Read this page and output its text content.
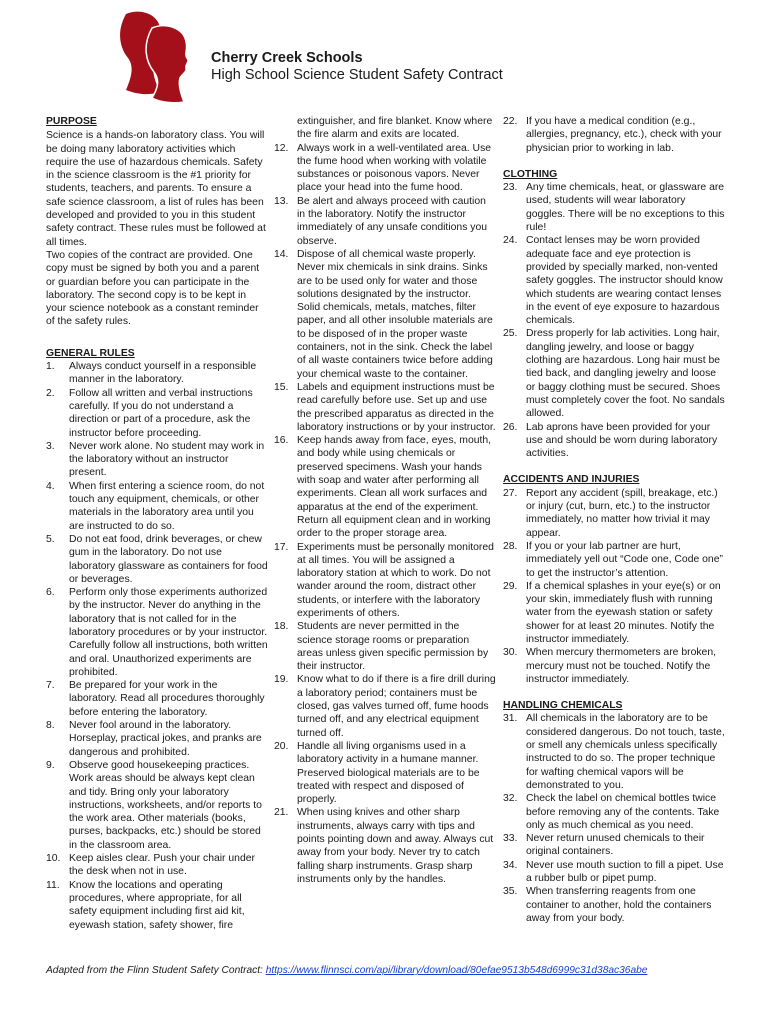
Cherry Creek Schools
High School Science Student Safety Contract
PURPOSE

Science is a hands-on laboratory class. You will be doing many laboratory activities which require the use of hazardous chemicals. Safety in the science classroom is the #1 priority for students, teachers, and parents. To ensure a safe science classroom, a list of rules has been developed and provided to you in this student safety contract. These rules must be followed at all times.

Two copies of the contract are provided. One copy must be signed by both you and a parent or guardian before you can participate in the laboratory. The second copy is to be kept in your science notebook as a constant reminder of the safety rules.

GENERAL RULES
1.	Always conduct yourself in a responsible manner in the laboratory.
2.	Follow all written and verbal instructions carefully. If you do not understand a direction or part of a procedure, ask the instructor before proceeding.
3.	Never work alone. No student may work in the laboratory without an instructor present.
4.	When first entering a science room, do not touch any equipment, chemicals, or other materials in the laboratory area until you are instructed to do so.
5.	Do not eat food, drink beverages, or chew gum in the laboratory. Do not use laboratory glassware as containers for food or beverages.
6.	Perform only those experiments authorized by the instructor. Never do anything in the laboratory that is not called for in the laboratory procedures or by your instructor. Carefully follow all instructions, both written and oral. Unauthorized experiments are prohibited.
7.	Be prepared for your work in the laboratory. Read all procedures thoroughly before entering the laboratory.
8.	Never fool around in the laboratory. Horseplay, practical jokes, and pranks are dangerous and prohibited.
9.	Observe good housekeeping practices. Work areas should be always kept clean and tidy. Bring only your laboratory instructions, worksheets, and/or reports to the work area. Other materials (books, purses, backpacks, etc.) should be stored in the classroom area.
10. Keep aisles clear. Push your chair under the desk when not in use.
11. Know the locations and operating procedures, where appropriate, for all safety equipment including first aid kit, eyewash station, safety shower, fire
extinguisher, and fire blanket. Know where the fire alarm and exits are located.
12. Always work in a well-ventilated area. Use the fume hood when working with volatile substances or poisonous vapors. Never place your head into the fume hood.
13. Be alert and always proceed with caution in the laboratory. Notify the instructor immediately of any unsafe conditions you observe.
14. Dispose of all chemical waste properly. Never mix chemicals in sink drains. Sinks are to be used only for water and those solutions designated by the instructor. Solid chemicals, metals, matches, filter paper, and all other insoluble materials are to be disposed of in the proper waste containers, not in the sink. Check the label of all waste containers twice before adding your chemical waste to the container.
15. Labels and equipment instructions must be read carefully before use. Set up and use the prescribed apparatus as directed in the laboratory instructions or by your instructor.
16. Keep hands away from face, eyes, mouth, and body while using chemicals or preserved specimens. Wash your hands with soap and water after performing all experiments. Clean all work surfaces and apparatus at the end of the experiment. Return all equipment clean and in working order to the proper storage area.
17. Experiments must be personally monitored at all times. You will be assigned a laboratory station at which to work. Do not wander around the room, distract other students, or interfere with the laboratory experiments of others.
18. Students are never permitted in the science storage rooms or preparation areas unless given specific permission by their instructor.
19. Know what to do if there is a fire drill during a laboratory period; containers must be closed, gas valves turned off, fume hoods turned off, and any electrical equipment turned off.
20. Handle all living organisms used in a laboratory activity in a humane manner. Preserved biological materials are to be treated with respect and disposed of properly.
21. When using knives and other sharp instruments, always carry with tips and points pointing down and away. Always cut away from your body. Never try to catch falling sharp instruments. Grasp sharp instruments only by the handles.
22. If you have a medical condition (e.g., allergies, pregnancy, etc.), check with your physician prior to working in lab.
CLOTHING
23. Any time chemicals, heat, or glassware are used, students will wear laboratory goggles. There will be no exceptions to this rule!
24. Contact lenses may be worn provided adequate face and eye protection is provided by specially marked, non-vented safety goggles. The instructor should know which students are wearing contact lenses in the event of eye exposure to hazardous chemicals.
25. Dress properly for lab activities. Long hair, dangling jewelry, and loose or baggy clothing are hazardous. Long hair must be tied back, and dangling jewelry and loose or baggy clothing must be secured. Shoes must completely cover the foot. No sandals allowed.
26. Lab aprons have been provided for your use and should be worn during laboratory activities.
ACCIDENTS AND INJURIES
27. Report any accident (spill, breakage, etc.) or injury (cut, burn, etc.) to the instructor immediately, no matter how trivial it may appear.
28. If you or your lab partner are hurt, immediately yell out “Code one, Code one” to get the instructor’s attention.
29. If a chemical splashes in your eye(s) or on your skin, immediately flush with running water from the eyewash station or safety shower for at least 20 minutes. Notify the instructor immediately.
30. When mercury thermometers are broken, mercury must not be touched. Notify the instructor immediately.
HANDLING CHEMICALS
31. All chemicals in the laboratory are to be considered dangerous. Do not touch, taste, or smell any chemicals unless specifically instructed to do so. The proper technique for wafting chemical vapors will be demonstrated to you.
32. Check the label on chemical bottles twice before removing any of the contents. Take only as much chemical as you need.
33. Never return unused chemicals to their original containers.
34. Never use mouth suction to fill a pipet. Use a rubber bulb or pipet pump.
35. When transferring reagents from one container to another, hold the containers away from your body.
Adapted from the Flinn Student Safety Contract: https://www.flinnsci.com/api/library/download/80efae9513b548d6999c31d38ac36abe
